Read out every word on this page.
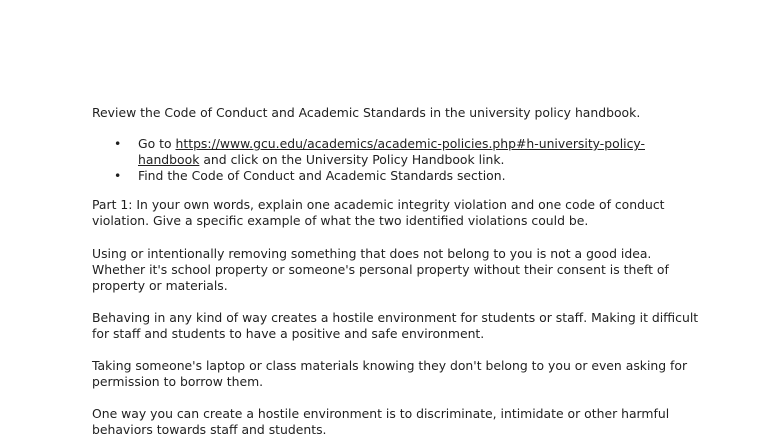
Review the Code of Conduct and Academic Standards in the university policy handbook.

• Go to https://www.gcu.edu/academics/academic-policies.php#h-university-policy-
handbook and click on the University Policy Handbook link.
• Find the Code of Conduct and Academic Standards section.
Part 1: In your own words, explain one academic integrity violation and one code of conduct
violation. Give a specific example of what the two identified violations could be.
Using or intentionally removing something that does not belong to you is not a good idea.
Whether it's school property or someone's personal property without their consent is theft of
property or materials.
Behaving in any kind of way creates a hostile environment for students or staff. Making it difficult
for staff and students to have a positive and safe environment.
Taking someone's laptop or class materials knowing they don't belong to you or even asking for
permission to borrow them.
One way you can create a hostile environment is to discriminate, intimidate or other harmful
behaviors towards staff and students.
